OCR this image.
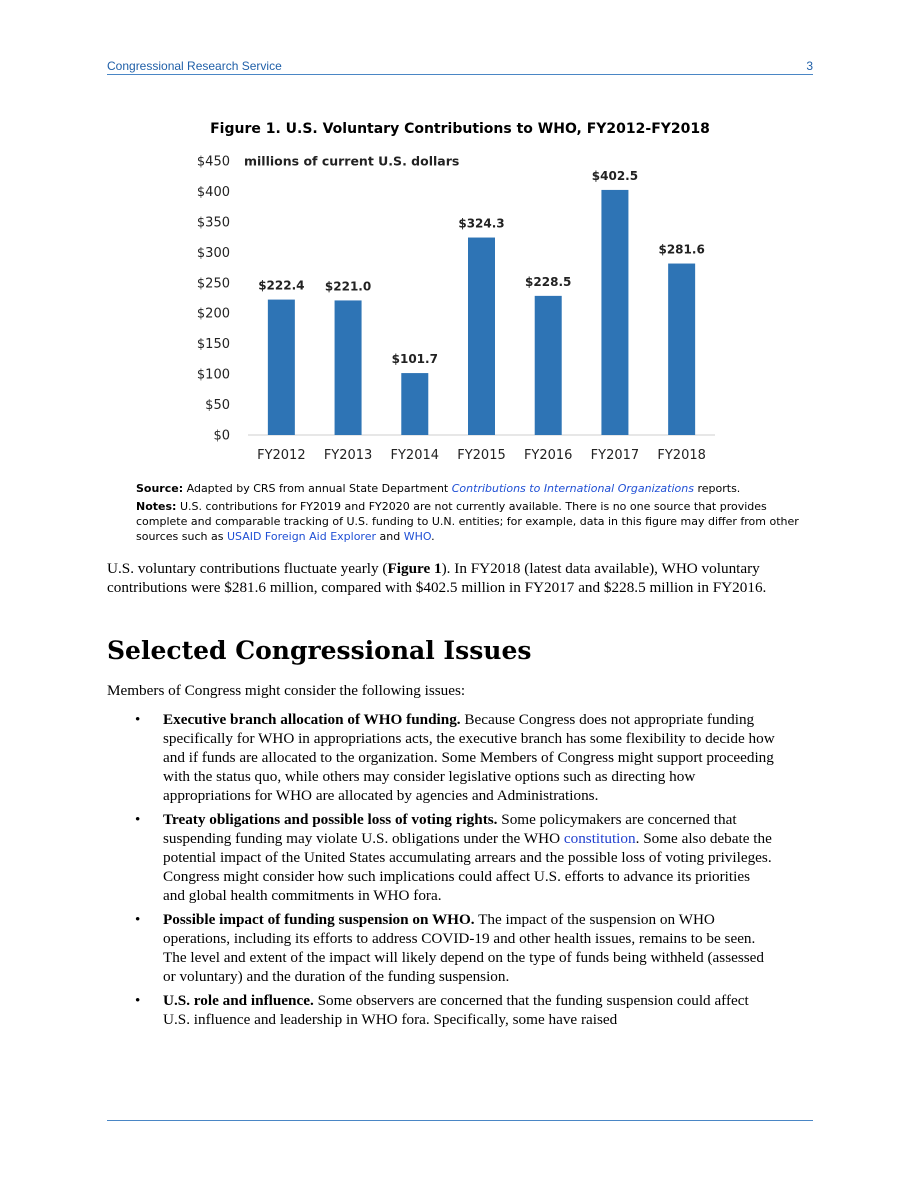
Congressional Research Service	3
Figure 1. U.S. Voluntary Contributions to WHO, FY2012-FY2018
$0
$50
$100
$150
$200
$250
$300
$350
$400
$450 millions of current U.S. dollars
$222.4
FY2012
$221.0
FY2013
$101.7
FY2014
$324.3
FY2015
$228.5
FY2016
$402.5
FY2017
$281.6
FY2018

Source: Adapted by CRS from annual State Department Contributions to International Organizations reports.

Notes: U.S. contributions for FY2019 and FY2020 are not currently available. There is no one source that provides complete and comparable tracking of U.S. funding to U.N. entities; for example, data in this figure may differ from other sources such as USAID Foreign Aid Explorer and WHO.

U.S. voluntary contributions fluctuate yearly (Figure 1). In FY2018 (latest data available), WHO voluntary contributions were $281.6 million, compared with $402.5 million in FY2017 and $228.5 million in FY2016.
Selected Congressional Issues
Members of Congress might consider the following issues:
• Executive branch allocation of WHO funding. Because Congress does not appropriate funding specifically for WHO in appropriations acts, the executive branch has some flexibility to decide how and if funds are allocated to the organization. Some Members of Congress might support proceeding with the status quo, while others may consider legislative options such as directing how appropriations for WHO are allocated by agencies and Administrations.
• Treaty obligations and possible loss of voting rights. Some policymakers are concerned that suspending funding may violate U.S. obligations under the WHO constitution. Some also debate the potential impact of the United States accumulating arrears and the possible loss of voting privileges. Congress might consider how such implications could affect U.S. efforts to advance its priorities and global health commitments in WHO fora.
• Possible impact of funding suspension on WHO. The impact of the suspension on WHO operations, including its efforts to address COVID-19 and other health issues, remains to be seen. The level and extent of the impact will likely depend on the type of funds being withheld (assessed or voluntary) and the duration of the funding suspension.
• U.S. role and influence. Some observers are concerned that the funding suspension could affect U.S. influence and leadership in WHO fora. Specifically, some have raised
